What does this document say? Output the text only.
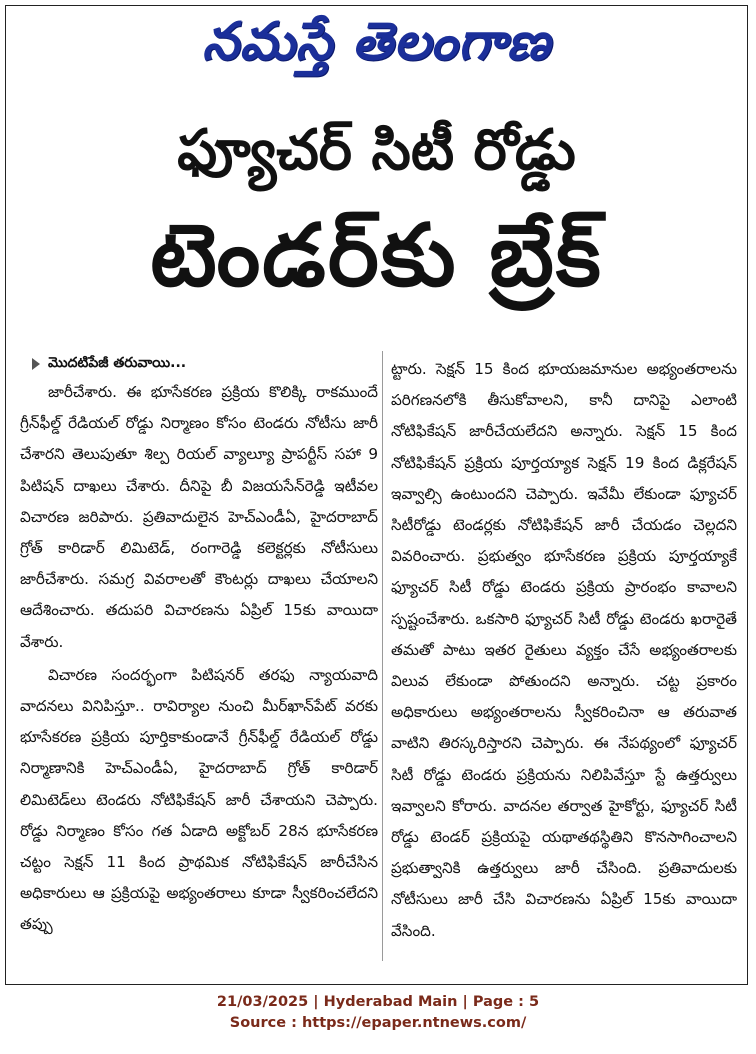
నమస్తే తెలంగాణ
ఫ్యూచర్ సిటీ రోడ్డు
టెండర్‌కు బ్రేక్
మొదటిపేజీ తరువాయి...

జారీచేశారు. ఈ భూసేకరణ ప్రక్రియ కొలిక్కి రాకముందే గ్రీన్‌ఫీల్డ్ రేడియల్ రోడ్డు నిర్మాణం కోసం టెండరు నోటీసు జారీ చేశారని తెలుపుతూ శిల్ప రియల్ వ్యాల్యూ ప్రాపర్టీస్ సహా 9 పిటిషన్ దాఖలు చేశారు. దీనిపై బీ విజయసేన్‌రెడ్డి ఇటీవల విచారణ జరిపారు. ప్రతివాదులైన హెచ్‌ఎండీఏ, హైదరాబాద్ గ్రోత్ కారిడార్ లిమిటెడ్, రంగారెడ్డి కలెక్టర్లకు నోటీసులు జారీచేశారు. సమగ్ర వివరాలతో కౌంటర్లు దాఖలు చేయాలని ఆదేశించారు. తదుపరి విచారణను ఏప్రిల్ 15కు వాయిదా వేశారు.

విచారణ సందర్భంగా పిటిషనర్ తరఫు న్యాయవాది వాదనలు వినిపిస్తూ.. రావిర్యాల నుంచి మీర్‌ఖాన్‌పేట్ వరకు భూసేకరణ ప్రక్రియ పూర్తికాకుండానే గ్రీన్‌ఫీల్డ్ రేడియల్ రోడ్డు నిర్మాణానికి హెచ్‌ఎండీఏ, హైదరాబాద్ గ్రోత్ కారిడార్ లిమిటెడ్‌లు టెండరు నోటిఫికేషన్ జారీ చేశాయని చెప్పారు. రోడ్డు నిర్మాణం కోసం గత ఏడాది అక్టోబర్ 28న భూసేకరణ చట్టం సెక్షన్ 11 కింద ప్రాథమిక నోటిఫికేషన్ జారీచేసిన అధికారులు ఆ ప్రక్రియపై అభ్యంతరాలు కూడా స్వీకరించలేదని తప్పు

ట్టారు. సెక్షన్ 15 కింద భూయజమానుల అభ్యంతరాలను పరిగణనలోకి తీసుకోవాలని, కానీ దానిపై ఎలాంటి నోటిఫికేషన్ జారీచేయలేదని అన్నారు. సెక్షన్ 15 కింద నోటిఫికేషన్ ప్రక్రియ పూర్తయ్యాక సెక్షన్ 19 కింద డిక్లరేషన్ ఇవ్వాల్సి ఉంటుందని చెప్పారు. ఇవేమీ లేకుండా ఫ్యూచర్ సిటీరోడ్డు టెండర్లకు నోటిఫికేషన్ జారీ చేయడం చెల్లదని వివరించారు. ప్రభుత్వం భూసేకరణ ప్రక్రియ పూర్తయ్యాకే ఫ్యూచర్ సిటీ రోడ్డు టెండరు ప్రక్రియ ప్రారంభం కావాలని స్పష్టంచేశారు. ఒకసారి ఫ్యూచర్ సిటీ రోడ్డు టెండరు ఖరారైతే తమతో పాటు ఇతర రైతులు వ్యక్తం చేసే అభ్యంతరాలకు విలువ లేకుండా పోతుందని అన్నారు. చట్ట ప్రకారం అధికారులు అభ్యంతరాలను స్వీకరించినా ఆ తరువాత వాటిని తిరస్కరిస్తారని చెప్పారు. ఈ నేపథ్యంలో ఫ్యూచర్ సిటీ రోడ్డు టెండరు ప్రక్రియను నిలిపివేస్తూ స్టే ఉత్తర్వులు ఇవ్వాలని కోరారు. వాదనల తర్వాత హైకోర్టు, ఫ్యూచర్ సిటీ రోడ్డు టెండర్ ప్రక్రియపై యథాతథస్థితిని కొనసాగించాలని ప్రభుత్వానికి ఉత్తర్వులు జారీ చేసింది. ప్రతివాదులకు నోటీసులు జారీ చేసి విచారణను ఏప్రిల్ 15కు వాయిదా వేసింది.

21/03/2025 | Hyderabad Main | Page : 5
Source : https://epaper.ntnews.com/
